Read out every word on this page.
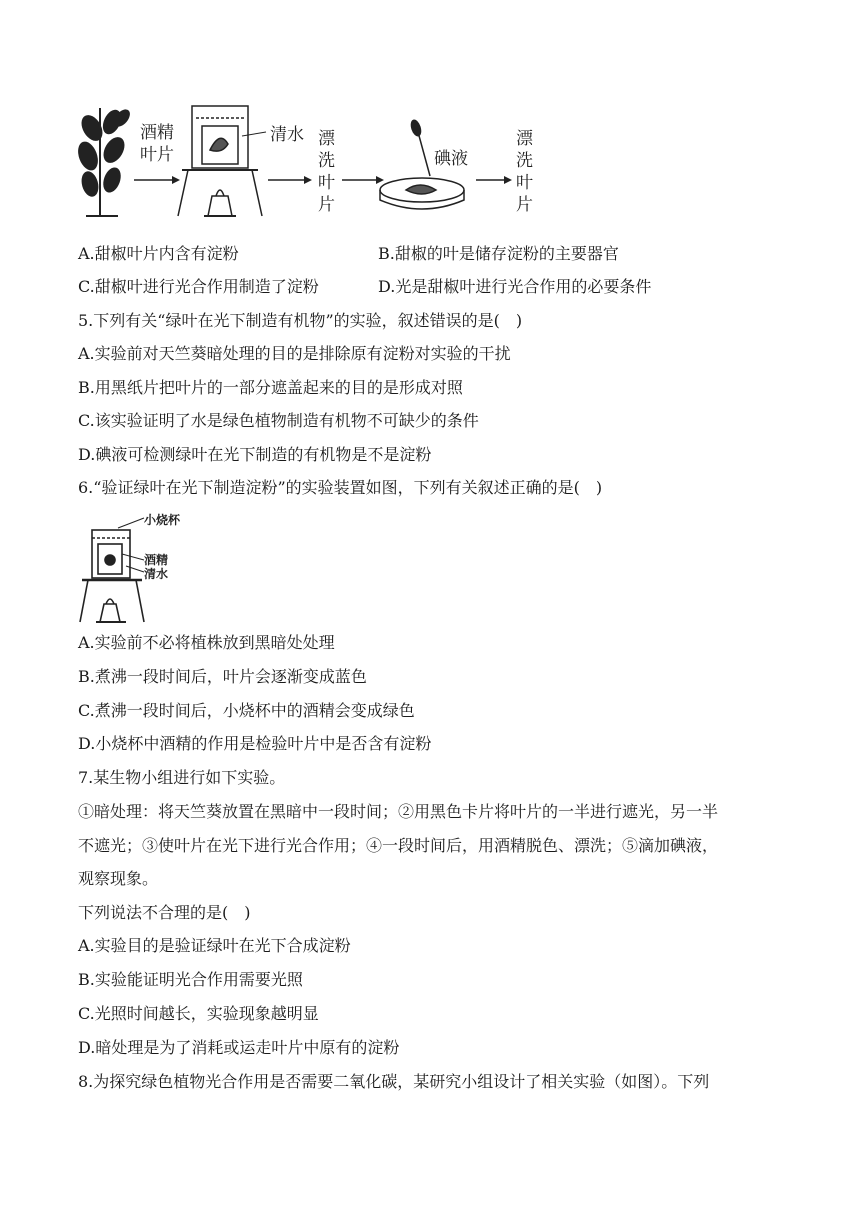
酒精
叶片
清水 漂
洗
叶
片
碘液
漂
洗
叶
片
A.甜椒叶片内含有淀粉	B.甜椒的叶是储存淀粉的主要器官
C.甜椒叶进行光合作用制造了淀粉	D.光是甜椒叶进行光合作用的必要条件
5.下列有关“绿叶在光下制造有机物”的实验，叙述错误的是(　)
A.实验前对天竺葵暗处理的目的是排除原有淀粉对实验的干扰
B.用黑纸片把叶片的一部分遮盖起来的目的是形成对照
C.该实验证明了水是绿色植物制造有机物不可缺少的条件
D.碘液可检测绿叶在光下制造的有机物是不是淀粉
6.“验证绿叶在光下制造淀粉”的实验装置如图，下列有关叙述正确的是(　)
小烧杯
酒精
清水
A.实验前不必将植株放到黑暗处处理
B.煮沸一段时间后，叶片会逐渐变成蓝色
C.煮沸一段时间后，小烧杯中的酒精会变成绿色
D.小烧杯中酒精的作用是检验叶片中是否含有淀粉
7.某生物小组进行如下实验。
①暗处理：将天竺葵放置在黑暗中一段时间；②用黑色卡片将叶片的一半进行遮光，另一半
不遮光；③使叶片在光下进行光合作用；④一段时间后，用酒精脱色、漂洗；⑤滴加碘液，
观察现象。
下列说法不合理的是(　)
A.实验目的是验证绿叶在光下合成淀粉
B.实验能证明光合作用需要光照
C.光照时间越长，实验现象越明显
D.暗处理是为了消耗或运走叶片中原有的淀粉
8.为探究绿色植物光合作用是否需要二氧化碳，某研究小组设计了相关实验（如图）。下列
